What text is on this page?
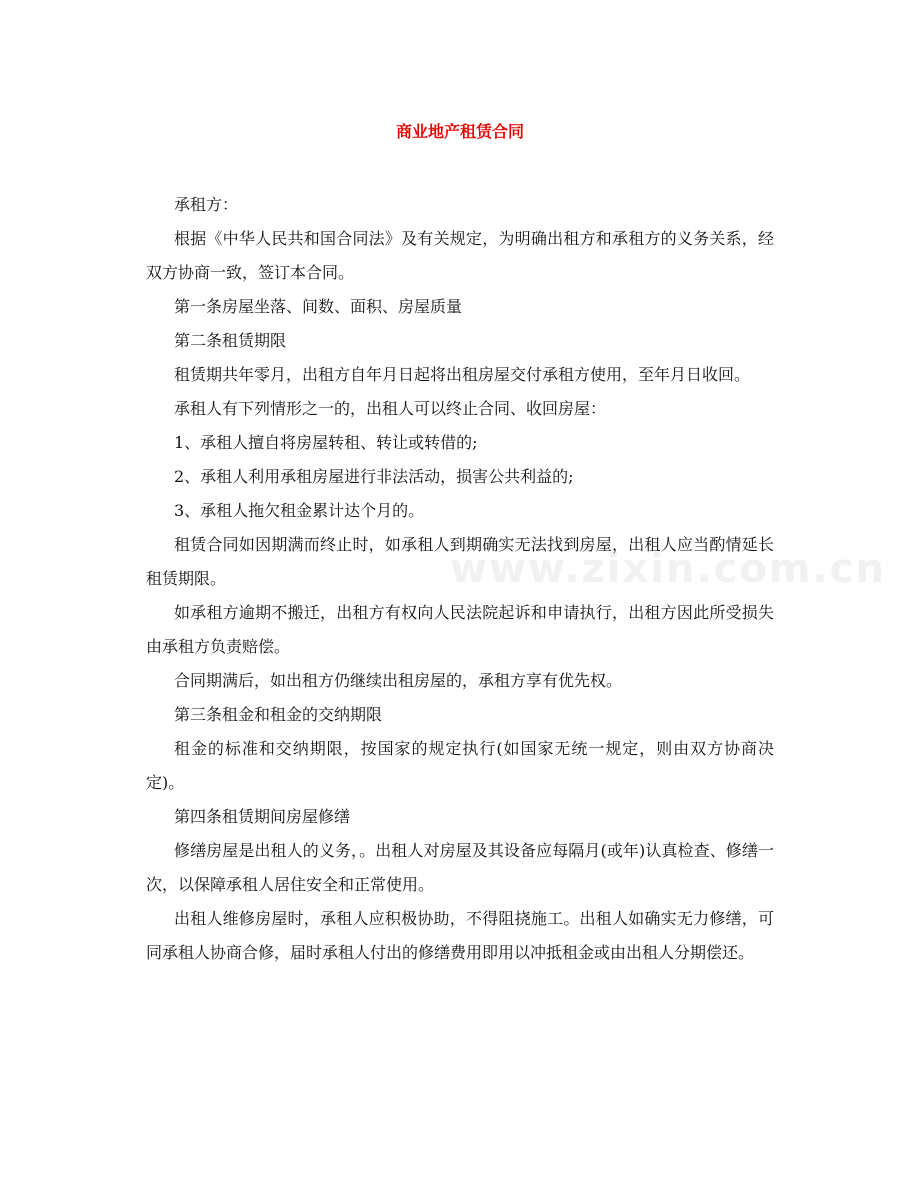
商业地产租赁合同
www.zixin.com.cn

承租方：

根据《中华人民共和国合同法》及有关规定，为明确出租方和承租方的义务关系，经双方协商一致，签订本合同。

第一条房屋坐落、间数、面积、房屋质量

第二条租赁期限

租赁期共年零月，出租方自年月日起将出租房屋交付承租方使用，至年月日收回。

承租人有下列情形之一的，出租人可以终止合同、收回房屋：

1、承租人擅自将房屋转租、转让或转借的;

2、承租人利用承租房屋进行非法活动，损害公共利益的;

3、承租人拖欠租金累计达个月的。

租赁合同如因期满而终止时，如承租人到期确实无法找到房屋，出租人应当酌情延长租赁期限。

如承租方逾期不搬迁，出租方有权向人民法院起诉和申请执行，出租方因此所受损失由承租方负责赔偿。

合同期满后，如出租方仍继续出租房屋的，承租方享有优先权。

第三条租金和租金的交纳期限

租金的标准和交纳期限，按国家的规定执行(如国家无统一规定，则由双方协商决定)。

第四条租赁期间房屋修缮

修缮房屋是出租人的义务，。出租人对房屋及其设备应每隔月(或年)认真检查、修缮一次，以保障承租人居住安全和正常使用。

出租人维修房屋时，承租人应积极协助，不得阻挠施工。出租人如确实无力修缮，可同承租人协商合修，届时承租人付出的修缮费用即用以冲抵租金或由出租人分期偿还。
